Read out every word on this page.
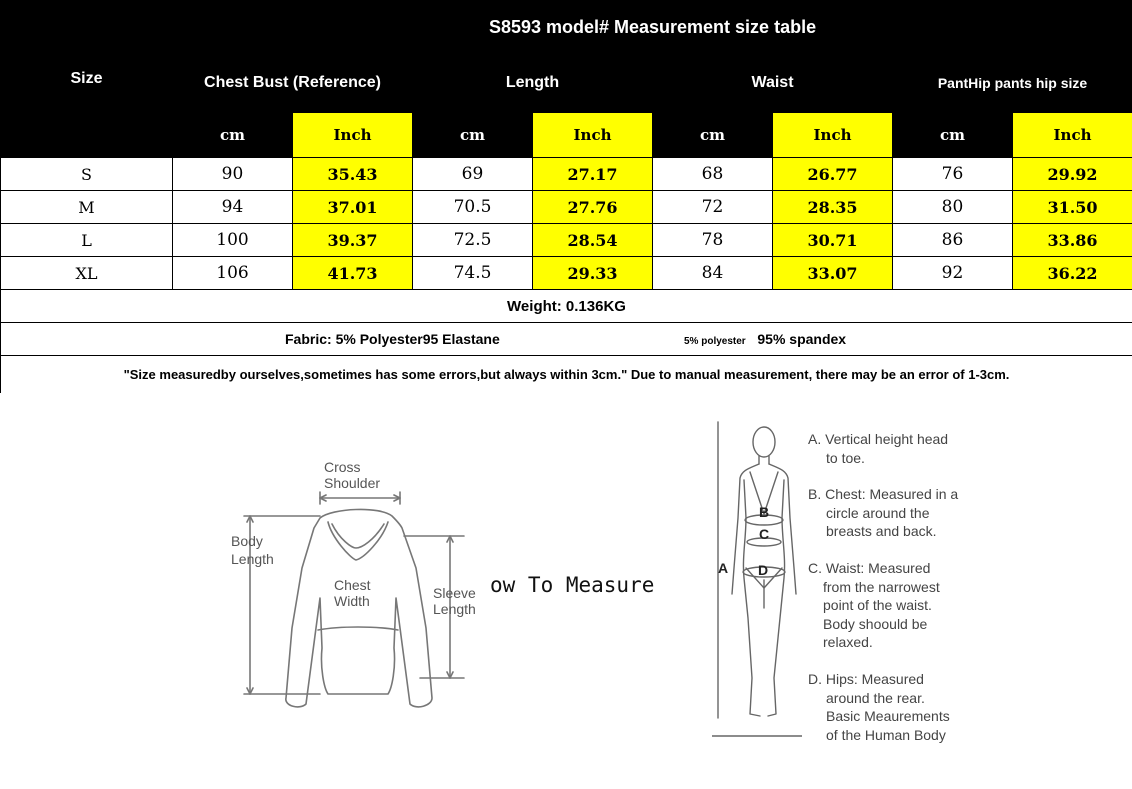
Size	S8593 model# Measurement size table							
	Chest Bust (Reference)		Length		Waist		PantHip pants hip size	
	cm	Inch	cm	Inch	cm	Inch	cm	Inch
S	90	35.43	69	27.17	68	26.77	76	29.92
M	94	37.01	70.5	27.76	72	28.35	80	31.50
L	100	39.37	72.5	28.54	78	30.71	86	33.86
XL	106	41.73	74.5	29.33	84	33.07	92	36.22
Weight: 0.136KG								

Fabric: 5% Polyester95 Elastane 5% polyester 95% spandex								

"Size measuredby ourselves,sometimes has some errors,but always within 3cm." Due to manual measurement, there may be an error of 1-3cm.								
Cross
Shoulder
Body
Length
Chest
Width	Sleeve
Length
ow To Measure
B
C
D
A
A. Vertical height head
to toe.
B. Chest: Measured in a
circle around the
breasts and back.
C. Waist: Measured
from the narrowest
point of the waist.
Body shoould be
relaxed.
D. Hips: Measured
around the rear.
Basic Meaurements
of the Human Body
